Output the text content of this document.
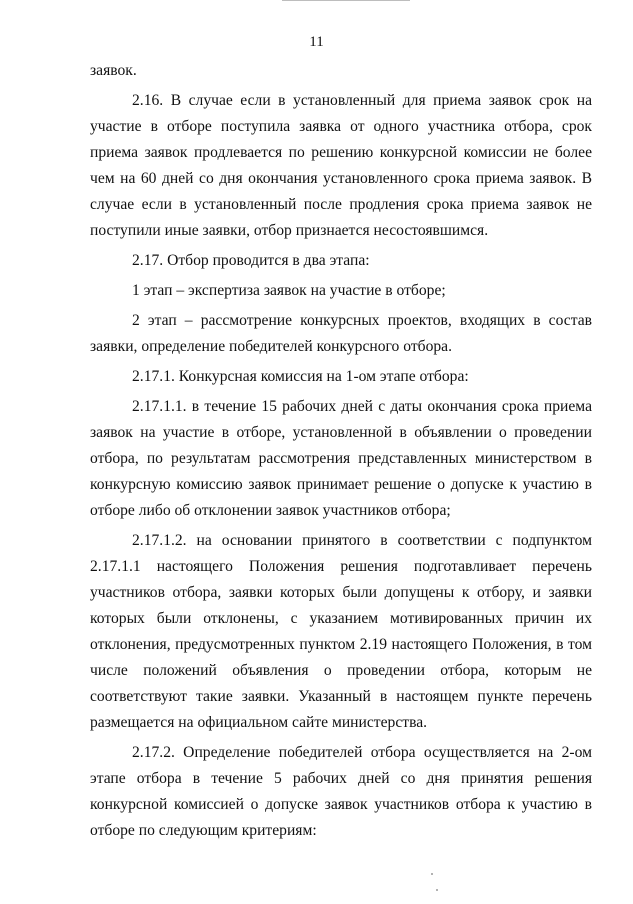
11

заявок.

2.16. В случае если в установленный для приема заявок срок на участие в отборе поступила заявка от одного участника отбора, срок приема заявок продлевается по решению конкурсной комиссии не более чем на 60 дней со дня окончания установленного срока приема заявок. В случае если в установленный после продления срока приема заявок не поступили иные заявки, отбор признается несостоявшимся.

2.17. Отбор проводится в два этапа:

1 этап – экспертиза заявок на участие в отборе;

2 этап – рассмотрение конкурсных проектов, входящих в состав заявки, определение победителей конкурсного отбора.

2.17.1. Конкурсная комиссия на 1-ом этапе отбора:

2.17.1.1. в течение 15 рабочих дней с даты окончания срока приема заявок на участие в отборе, установленной в объявлении о проведении отбора, по результатам рассмотрения представленных министерством в конкурсную комиссию заявок принимает решение о допуске к участию в отборе либо об отклонении заявок участников отбора;

2.17.1.2. на основании принятого в соответствии с подпунктом 2.17.1.1 настоящего Положения решения подготавливает перечень участников отбора, заявки которых были допущены к отбору, и заявки которых были отклонены, с указанием мотивированных причин их отклонения, предусмотренных пунктом 2.19 настоящего Положения, в том числе положений объявления о проведении отбора, которым не соответствуют такие заявки. Указанный в настоящем пункте перечень размещается на официальном сайте министерства.

2.17.2. Определение победителей отбора осуществляется на 2-ом этапе отбора в течение 5 рабочих дней со дня принятия решения конкурсной комиссией о допуске заявок участников отбора к участию в отборе по следующим критериям:
